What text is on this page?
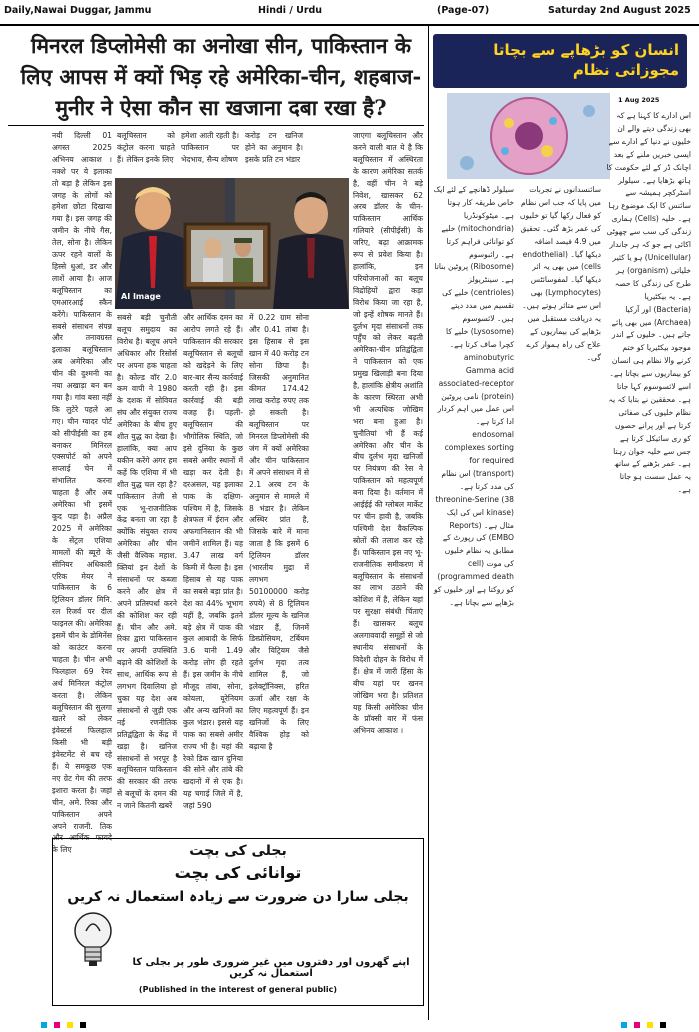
Daily,Nawai Duggar, Jammu	Hindi / Urdu	(Page-07)	Saturday 2nd August 2025
मिनरल डिप्लोमेसी का अनोखा सीन, पाकिस्तान के लिए आपस में क्यों भिड़ रहे अमेरिका-चीन, शहबाज-मुनीर ने ऐसा कौन सा खजाना दबा रखा है?
नयी दिल्ली 01 अगस्त 2025 अभिनय आकाश । नक्शे पर ये इलाका तो बड़ा है लेकिन इस जगह के लोगों को हमेशा छोटा दिखाया गया है। इस जगह की जमीन के नीचे गैस, तेल, सोना है। लेकिन ऊपर रहने वालों के हिस्से धुआं, डर और लाशें आया है। आज बलूचिस्तान का एमआरआई स्कैन करेंगे। पाकिस्तान के सबसे संसाधन संपन्न और तनावग्रस्त इलाका बलूचिस्तान अब अमेरिका और चीन की दुश्मनी का नया अखाड़ा बन बन गया है। गांव बसा नहीं कि लुटेरे पहले आ गए। चीन ग्वादर पोर्ट को सीपीईसी का हब बनाकर मिनिरल एक्सपोर्ट को अपने सप्लाई चेन में संभालित करना चाहता है और अब अमेरिका भी इसमें कूद पड़ा है। अप्रैल 2025 में अमेरिका के सेंट्रल एशिया मामलों की ब्यूरो के सीनियर अधिकारी एरिक मेयर ने पाकिस्तान के 6 ट्रिलियन डॉलर मिनि. रल रिजर्व पर दील फाइनल की। अमेरिका इसमें चीन के डोमिनेंस को काउंटर करना चाहता है। चीन अभी फिलहाल 69 रेयर अर्थ मिनिरल कंट्रोल करता है। लेकिन बलूचिस्तान की सुलगा खतरे को लेकर इंवेस्टर्स फिलहाल किसी भी बड़ी इंवेस्टमेंट से बच रहे हैं। ये समकूछ एक नए ग्रेट गेम की तरफ इशारा करता है। जहां चीन, अमे. रिका और पाकिस्तान अपने अपने राजनी. तिक और आर्थिक फायदे के लिए
बलूचिस्तान को कंट्रोल करना चाहते हैं। लेकिन इनके लिए
हमेशा आती रहती है। पाकिस्तान पर भेदभाव, सैन्य शोषण
करोड़ टन खनिज होने का अनुमान है। इसके प्रति टन भंडार
AI Image
सबसे बड़ी चुनौती बलूच समुदाय का विरोध है। बलूच अपने अधिकार और रिसोर्स पर अपना हक चाहता है। कोल्ड वॉर 2.0 कम वापी ने 1980 के दशक में सोवियत संघ और संयुक्त राज्य अमेरिका के बीच हुए शीत युद्ध का देखा है। हालांकि, क्या आप यकीन करेंगे अगर हम कहें कि एशिया में भी शीत युद्ध चल रहा है? पाकिस्तान तेजी से एक भू-राजनीतिक केंद्र बनता जा रहा है क्योंकि संयुक्त राज्य अमेरिका और चीन जैसी वैश्विक महाश. क्तियां इन देशों के संसाधनों पर कब्जा करने और क्षेत्र में अपने प्रतिस्पर्धा करने की कोशिश कर रही हैं। चीन और अमे. रिका द्वारा पाकिस्तान पर अपनी उपस्थिति बढ़ाने की कोशिशों के साथ, आर्थिक रूप से लगभग दिवालिया हो चुका यह देश अब संसाधनों से जुड़ी एक नई रणनीतिक प्रतिद्वंद्विता के केंद्र में खड़ा है। खनिज संसाधनों से भरपूर है बलूचिस्तान पाकिस्तान की सरकार की तरफ से बलूचों के दमन की न जाने कितनी खबरें
और आर्थिक दमन का आरोप लगते रहे हैं। पाकिस्तान की सरकार बलूचिस्तान से बलूचों को खदेड़ने के लिए बार-बार सैन्य कार्रवाई करती रही है। इस कार्रवाई की बड़ी वजह हैं। पहली- बलूचिस्तान की भौगोलिक स्थिति, जो इसे दुनिया के कुछ सबसे अमीर स्थानों में खड़ा कर देती है। दरअसल, यह इलाका पाक के दक्षिण-पश्चिम में है, जिसके क्षेत्रफल में ईरान और अफगानिस्तान की भी जमीनें शामिल हैं। यह 3.47 लाख वर्ग किमी में फैला है। इस हिसाब से यह पाक का सबसे बड़ा प्रांत है। देश का 44% भूभाग यहीं है, जबकि इतने बड़े क्षेत्र में पाक की कुल आबादी के सिर्फ 3.6 यानी 1.49 करोड़ लोग ही रहते हैं। इस जमीन के नीचे मौजूद तांबा, सोना, कोयला, यूरेनियम और अन्य खनिजों का कुल भंडार। इससे यह पाक का सबसे अमीर राज्य भी है। यहां की रेको डिक खान दुनिया की सोने और तांबे की खदानों में से एक है। यह चगाई जिले में है, जहां 590
में 0.22 ग्राम सोना और 0.41 तांबा है। इस हिसाब से इस खान में 40 करोड़ टन सोना छिपा है। जिसकी अनुमानित कीमत 174.42 लाख करोड़ रुपए तक हो सकती है। बलूचिस्तान पर मिनरल डिप्लोमेसी की जंग में क्यों अमेरिका और चीन पाकिस्तान में अपने संसाधन में से 2.1 अरब टन के अनुमान से मामले में 8 भंडार है। लेकिन अस्थिर प्रांत है, जिसके बारे में माना जाता है कि इसमें 6 ट्रिलियन डॉलर (भारतीय मुद्रा में लगभग 50100000 करोड़ रुपये) से 8 ट्रिलियन डॉलर मूल्य के खनिज भंडार हैं, जिनमें डिस्प्रोसियम, टर्बियम और यिट्रियम जैसे दुर्लभ मृदा तत्व शामिल हैं, जो इलेक्ट्रॉनिक्स, हरित ऊर्जा और रक्षा के लिए महत्वपूर्ण हैं। इन खनिजों के लिए वैश्विक होड़ को बढ़ाया है
जाएगा बलूचिस्तान और करने वाली बात ये है कि बलूचिस्तान में अस्थिरता के कारण अमेरिका सतर्क है, वहीं चीन ने बड़े निवेश, खासकर 62 अरब डॉलर के चीन-पाकिस्तान आर्थिक गलियारे (सीपीईसी) के जरिए, बढ़ा आक्रामक रूप से प्रवेश किया है। हालांकि, इन परियोजनाओं का बलूच विद्रोहियों द्वारा कड़ा विरोध किया जा रहा है, जो इन्हें शोषक मानते हैं। दुर्लभ मृदा संसाधनों तक पहुँच को लेकर बढ़ती अमेरिका-चीन प्रतिद्वंद्विता ने पाकिस्तान को एक प्रमुख खिलाड़ी बना दिया है, हालांकि क्षेत्रीय अशांति के कारण स्थिरता अभी भी अत्यधिक जोखिम भरा बना हुआ है। चुनौतियां भी हैं कई अमेरिका और चीन के बीच दुर्लभ मृदा खनिजों पर नियंत्रण की रेस ने पाकिस्तान को महत्वपूर्ण बना दिया है। वर्तमान में आईईई की ग्लोबल मार्केट पर चीन हावी है, जबकि पश्चिमी देश वैकल्पिक स्रोतों की तलाश कर रहे हैं। पाकिस्तान इस नए भू-राजनीतिक समीकरण में बलूचिस्तान के संसाधनों का लाभ उठाने की कोशिश में है, लेकिन यहां पर सुरक्षा संबंधी चिंताएं हैं। खासकर बलूच अलगाववादी समूहों से जो स्थानीय संसाधनों के विदेशी दोहन के विरोध में हैं। क्षेत्र में जारी हिंसा के बीच यहां पर खनन जोखिम भरा है। प्रतिशत यह किसी अमेरिका चीन के प्रॉक्सी वार में फंस अभिनय आकाश ।
بجلی کی بچت
توانائی کی بچت
بجلی سارا دن ضرورت سے زیادہ استعمال نہ کریں
اپنے گھروں اور دفتروں میں غیر ضروری طور پر بجلی کا استعمال نہ کریں
(Published in the interest of general public)
انسان کو بڑھاپے سے بچاتا مجوزاتی نظام
1 Aug 2025
سیلولر ڈھانچے کے لئے ایک خاص طریقہ کار ہوتا ہے۔ میٹوکونڈریا (mitochondria) خلیے کو توانائی فراہم کرتا ہے۔ رائبوسوم (Ribosome) پروٹین بناتا ہے۔ سینٹریولز (centrioles) خلیے کی تقسیم میں مدد دیتے ہیں۔ لائسوسوم (Lysosome) خلیے کا کچرا صاف کرتا ہے۔ aminobutyric Gamma acid associated-receptor (protein) نامی پروٹین اس عمل میں اہم کردار ادا کرتا ہے۔ endosomal complexes sorting for required (transport) اس نظام کی مدد کرتا ہے۔ threonine-Serine (38 kinase) اس کی ایک مثال ہے۔ (Reports EMBO) کی رپورٹ کے مطابق یہ نظام خلیوں کی موت (cell programmed death) کو روکتا ہے اور خلیوں کو بڑھاپے سے بچاتا ہے۔
سائنسدانوں نے تجربات میں پایا کہ جب اس نظام کو فعال رکھا گیا تو خلیوں کی عمر بڑھ گئی۔ تحقیق میں 4.9 فیصد اضافہ دیکھا گیا۔ (endothelial cells) میں بھی یہ اثر دیکھا گیا۔ لمفوسائٹس (Lymphocytes) بھی اس سے متاثر ہوتے ہیں۔ یہ دریافت مستقبل میں بڑھاپے کی بیماریوں کے علاج کی راہ ہموار کرے گی۔
اس ادارے کا کہنا ہے کہ بھی زندگی دیتے والے ان خلیوں نے دنیا کے ادارے سے ایسی خبریں ملنے کے بعد اچانک ڈر کے لئے حکومت کا ہاتھ بڑھایا ہے۔ سیلولر اسٹرکچر ہمیشہ سے سائنس کا ایک موضوع رہا ہے۔ خلیہ (Cells) ہماری زندگی کی سب سے چھوٹی اکائی ہے جو کہ ہر جاندار (Unicellular) ہو یا کثیر خلیاتی (organism) ہر طرح کی زندگی کا حصہ ہے۔ یہ بیکٹیریا (Bacteria) اور آرکیا (Archaea) میں بھی پائے جاتے ہیں۔ خلیوں کے اندر موجود بیکٹیریا کو ختم کرنے والا نظام ہی انسان کو بیماریوں سے بچاتا ہے۔ اسے لائسوسوم کہا جاتا ہے۔ محققین نے بتایا کہ یہ نظام خلیوں کی صفائی کرتا ہے اور پرانے حصوں کو ری سائیکل کرتا ہے جس سے خلیہ جوان رہتا ہے۔ عمر بڑھنے کے ساتھ یہ عمل سست ہو جاتا ہے۔
